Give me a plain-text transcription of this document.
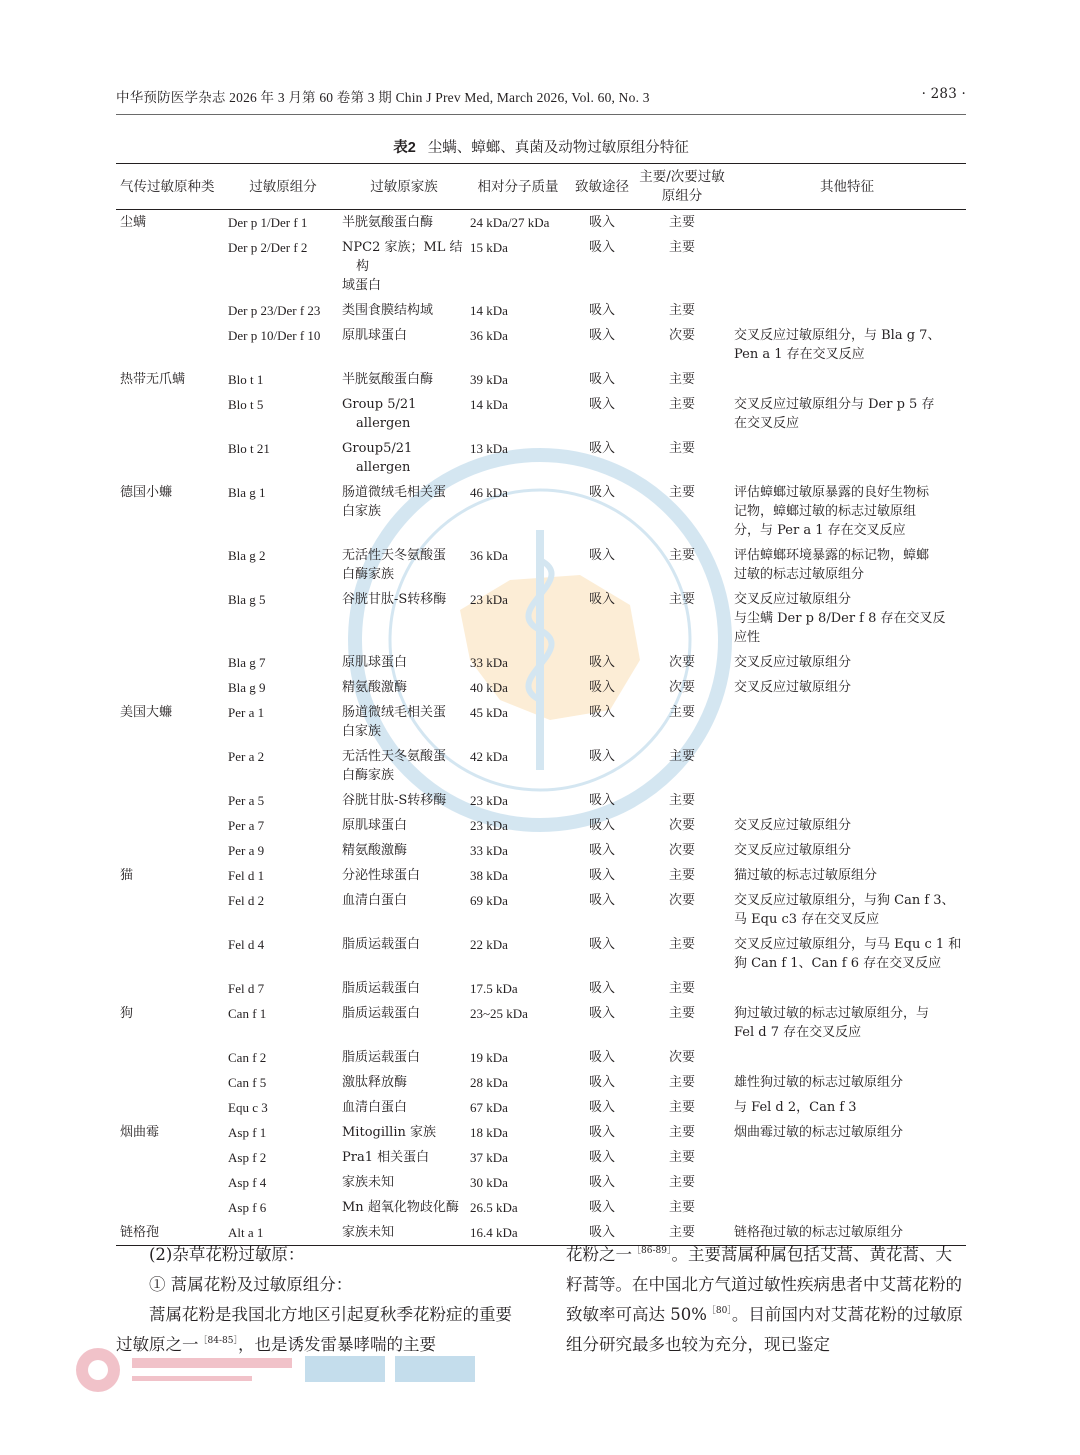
中华预防医学杂志 2026 年 3 月第 60 卷第 3 期 Chin J Prev Med, March 2026, Vol. 60, No. 3	· 283 ·
表2 尘螨、蟑螂、真菌及动物过敏原组分特征
气传过敏原种类	过敏原组分	过敏原家族	相对分子质量	致敏途径	主要/次要过敏原组分	其他特征
尘螨	Der p 1/Der f 1	半胱氨酸蛋白酶	24 kDa/27 kDa	吸入	主要	
	Der p 2/Der f 2	NPC2 家族；ML 结构
域蛋白	15 kDa	吸入	主要	
	Der p 23/Der f 23	类围食膜结构域	14 kDa	吸入	主要	
	Der p 10/Der f 10	原肌球蛋白	36 kDa	吸入	次要	交叉反应过敏原组分，与 Bla g 7、
Pen a 1 存在交叉反应

热带无爪螨	Blo t 1	半胱氨酸蛋白酶	39 kDa	吸入	主要	
	Blo t 5	Group 5/21 allergen	14 kDa	吸入	主要	交叉反应过敏原组分与 Der p 5 存
在交叉反应

	Blo t 21	Group5/21 allergen	13 kDa	吸入	主要	
德国小蠊	Bla g 1	肠道微绒毛相关蛋
白家族	46 kDa	吸入	主要	评估蟑螂过敏原暴露的良好生物标
记物，蟑螂过敏的标志过敏原组
分，与 Per a 1 存在交叉反应

	Bla g 2	无活性天冬氨酸蛋
白酶家族	36 kDa	吸入	主要	评估蟑螂环境暴露的标记物，蟑螂
过敏的标志过敏原组分

	Bla g 5	谷胱甘肽-S转移酶	23 kDa	吸入	主要	交叉反应过敏原组分
与尘螨 Der p 8/Der f 8 存在交叉反
应性

	Bla g 7	原肌球蛋白	33 kDa	吸入	次要	交叉反应过敏原组分

	Bla g 9	精氨酸激酶	40 kDa	吸入	次要	交叉反应过敏原组分

美国大蠊	Per a 1	肠道微绒毛相关蛋
白家族	45 kDa	吸入	主要	
	Per a 2	无活性天冬氨酸蛋
白酶家族	42 kDa	吸入	主要	
	Per a 5	谷胱甘肽-S转移酶	23 kDa	吸入	主要	
	Per a 7	原肌球蛋白	23 kDa	吸入	次要	交叉反应过敏原组分

	Per a 9	精氨酸激酶	33 kDa	吸入	次要	交叉反应过敏原组分

猫	Fel d 1	分泌性球蛋白	38 kDa	吸入	主要	猫过敏的标志过敏原组分

	Fel d 2	血清白蛋白	69 kDa	吸入	次要	交叉反应过敏原组分，与狗 Can f 3、
马 Equ c3 存在交叉反应

	Fel d 4	脂质运载蛋白	22 kDa	吸入	主要	交叉反应过敏原组分，与马 Equ c 1 和
狗 Can f 1、Can f 6 存在交叉反应

	Fel d 7	脂质运载蛋白	17.5 kDa	吸入	主要	
狗	Can f 1	脂质运载蛋白	23~25 kDa	吸入	主要	狗过敏过敏的标志过敏原组分，与
Fel d 7 存在交叉反应

	Can f 2	脂质运载蛋白	19 kDa	吸入	次要	
	Can f 5	激肽释放酶	28 kDa	吸入	主要	雄性狗过敏的标志过敏原组分

	Equ c 3	血清白蛋白	67 kDa	吸入	主要	与 Fel d 2，Can f 3

烟曲霉	Asp f 1	Mitogillin 家族	18 kDa	吸入	主要	烟曲霉过敏的标志过敏原组分

	Asp f 2	Pra1 相关蛋白	37 kDa	吸入	主要	
	Asp f 4	家族未知	30 kDa	吸入	主要	
	Asp f 6	Mn 超氧化物歧化酶	26.5 kDa	吸入	主要	
链格孢	Alt a 1	家族未知	16.4 kDa	吸入	主要	链格孢过敏的标志过敏原组分

(2)杂草花粉过敏原：

① 蒿属花粉及过敏原组分：

蒿属花粉是我国北方地区引起夏秋季花粉症的重要过敏原之一$^{[84-85]}$，也是诱发雷暴哮喘的主要

花粉之一$^{[86-89]}$。主要蒿属种属包括艾蒿、黄花蒿、大籽蒿等。在中国北方气道过敏性疾病患者中艾蒿花粉的致敏率可高达 50%$^{[80]}$。目前国内对艾蒿花粉的过敏原组分研究最多也较为充分，现已鉴定
